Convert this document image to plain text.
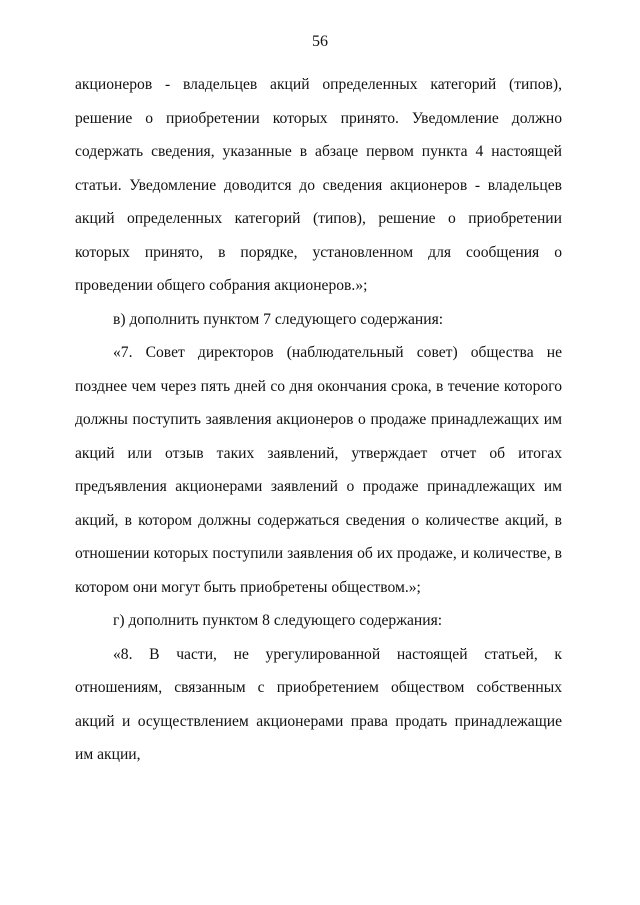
56

акционеров - владельцев акций определенных категорий (типов), решение о приобретении которых принято. Уведомление должно содержать сведения, указанные в абзаце первом пункта 4 настоящей статьи. Уведомление доводится до сведения акционеров - владельцев акций определенных категорий (типов), решение о приобретении которых принято, в порядке, установленном для сообщения о проведении общего собрания акционеров.»;

в) дополнить пунктом 7 следующего содержания:

«7. Совет директоров (наблюдательный совет) общества не позднее чем через пять дней со дня окончания срока, в течение которого должны поступить заявления акционеров о продаже принадлежащих им акций или отзыв таких заявлений, утверждает отчет об итогах предъявления акционерами заявлений о продаже принадлежащих им акций, в котором должны содержаться сведения о количестве акций, в отношении которых поступили заявления об их продаже, и количестве, в котором они могут быть приобретены обществом.»;

г) дополнить пунктом 8 следующего содержания:

«8. В части, не урегулированной настоящей статьей, к отношениям, связанным с приобретением обществом собственных акций и осуществлением акционерами права продать принадлежащие им акции,
